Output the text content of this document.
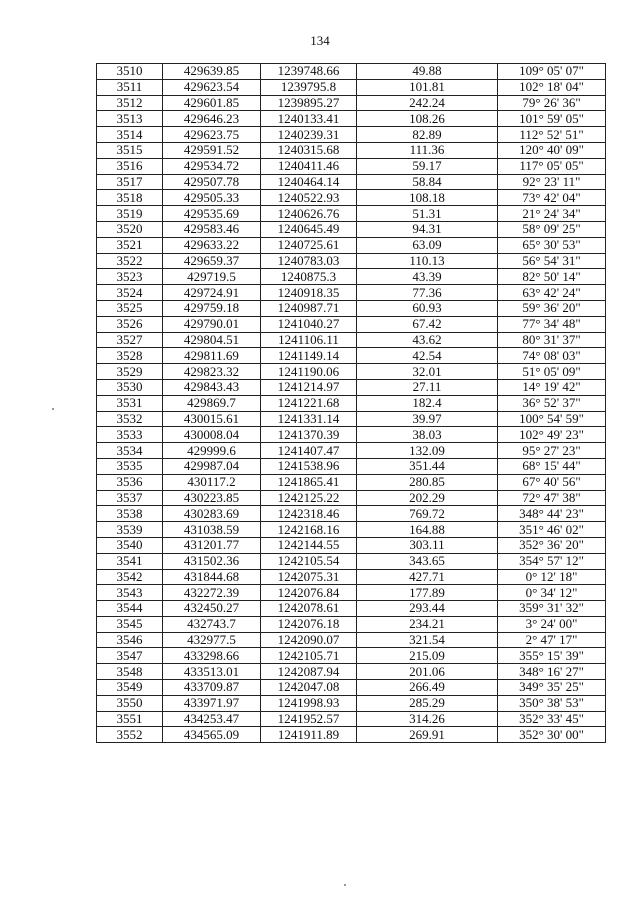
134
3510	429639.85	1239748.66	49.88	109° 05' 07"
3511	429623.54	1239795.8	101.81	102° 18' 04"
3512	429601.85	1239895.27	242.24	79° 26' 36"
3513	429646.23	1240133.41	108.26	101° 59' 05"
3514	429623.75	1240239.31	82.89	112° 52' 51"
3515	429591.52	1240315.68	111.36	120° 40' 09"
3516	429534.72	1240411.46	59.17	117° 05' 05"
3517	429507.78	1240464.14	58.84	92° 23' 11"
3518	429505.33	1240522.93	108.18	73° 42' 04"
3519	429535.69	1240626.76	51.31	21° 24' 34"
3520	429583.46	1240645.49	94.31	58° 09' 25"
3521	429633.22	1240725.61	63.09	65° 30' 53"
3522	429659.37	1240783.03	110.13	56° 54' 31"
3523	429719.5	1240875.3	43.39	82° 50' 14"
3524	429724.91	1240918.35	77.36	63° 42' 24"
3525	429759.18	1240987.71	60.93	59° 36' 20"
3526	429790.01	1241040.27	67.42	77° 34' 48"
3527	429804.51	1241106.11	43.62	80° 31' 37"
3528	429811.69	1241149.14	42.54	74° 08' 03"
3529	429823.32	1241190.06	32.01	51° 05' 09"
3530	429843.43	1241214.97	27.11	14° 19' 42"
3531	429869.7	1241221.68	182.4	36° 52' 37"
3532	430015.61	1241331.14	39.97	100° 54' 59"
3533	430008.04	1241370.39	38.03	102° 49' 23"
3534	429999.6	1241407.47	132.09	95° 27' 23"
3535	429987.04	1241538.96	351.44	68° 15' 44"
3536	430117.2	1241865.41	280.85	67° 40' 56"
3537	430223.85	1242125.22	202.29	72° 47' 38"
3538	430283.69	1242318.46	769.72	348° 44' 23"
3539	431038.59	1242168.16	164.88	351° 46' 02"
3540	431201.77	1242144.55	303.11	352° 36' 20"
3541	431502.36	1242105.54	343.65	354° 57' 12"
3542	431844.68	1242075.31	427.71	0° 12' 18"
3543	432272.39	1242076.84	177.89	0° 34' 12"
3544	432450.27	1242078.61	293.44	359° 31' 32"
3545	432743.7	1242076.18	234.21	3° 24' 00"
3546	432977.5	1242090.07	321.54	2° 47' 17"
3547	433298.66	1242105.71	215.09	355° 15' 39"
3548	433513.01	1242087.94	201.06	348° 16' 27"
3549	433709.87	1242047.08	266.49	349° 35' 25"
3550	433971.97	1241998.93	285.29	350° 38' 53"
3551	434253.47	1241952.57	314.26	352° 33' 45"
3552	434565.09	1241911.89	269.91	352° 30' 00"
